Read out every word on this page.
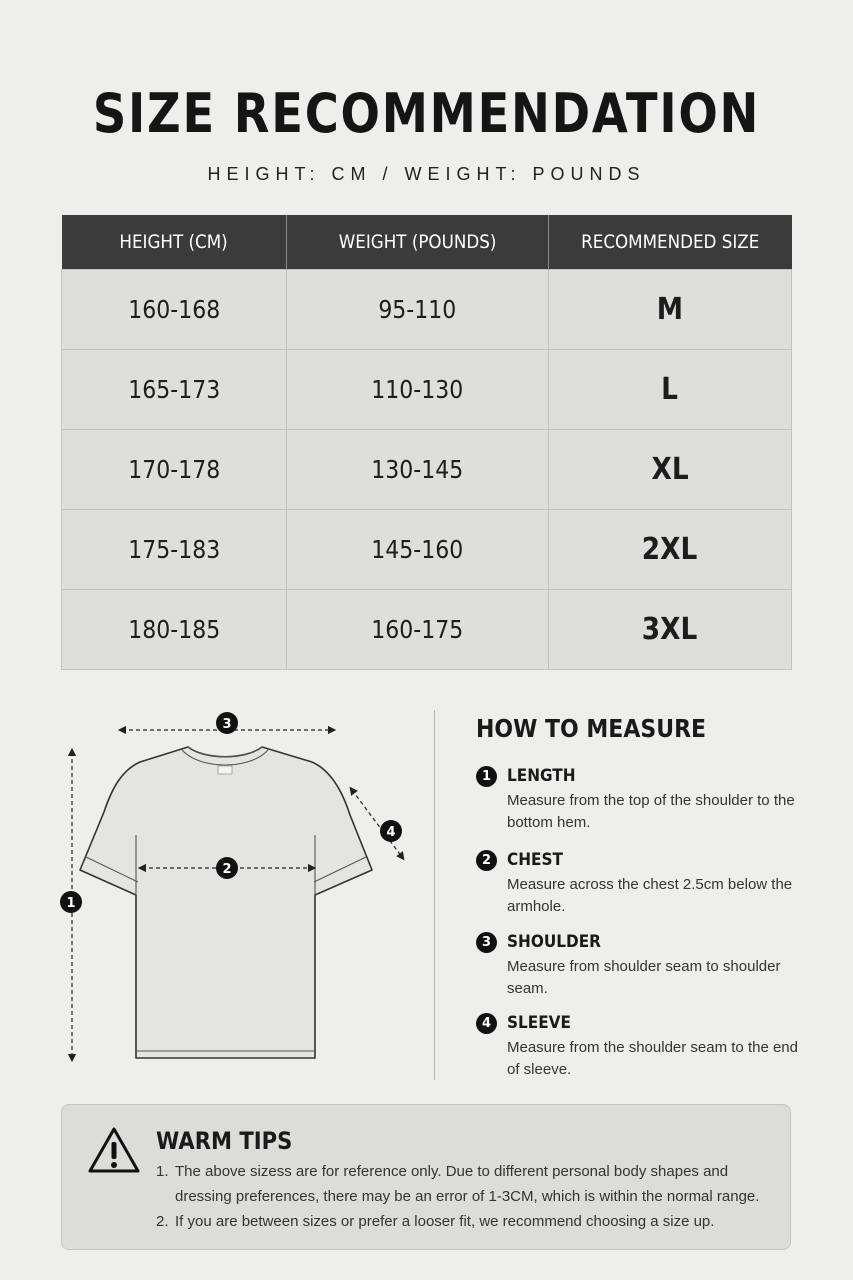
SIZE RECOMMENDATION
HEIGHT: CM / WEIGHT: POUNDS
HEIGHT (CM)	WEIGHT (POUNDS)	RECOMMENDED SIZE
160-168	95-110	M
165-173	110-130	L
170-178	130-145	XL
175-183	145-160	2XL
180-185	160-175	3XL
3
2
1
4
HOW TO MEASURE
1 LENGTH
Measure from the top of the shoulder to the bottom hem.
2 CHEST
Measure across the chest 2.5cm below the armhole.
3 SHOULDER
Measure from shoulder seam to shoulder seam.
4 SLEEVE
Measure from the shoulder seam to the end of sleeve.
WARM TIPS
1. The above sizess are for reference only. Due to different personal body shapes and dressing preferences, there may be an error of 1-3CM, which is within the normal range.
2. If you are between sizes or prefer a looser fit, we recommend choosing a size up.
